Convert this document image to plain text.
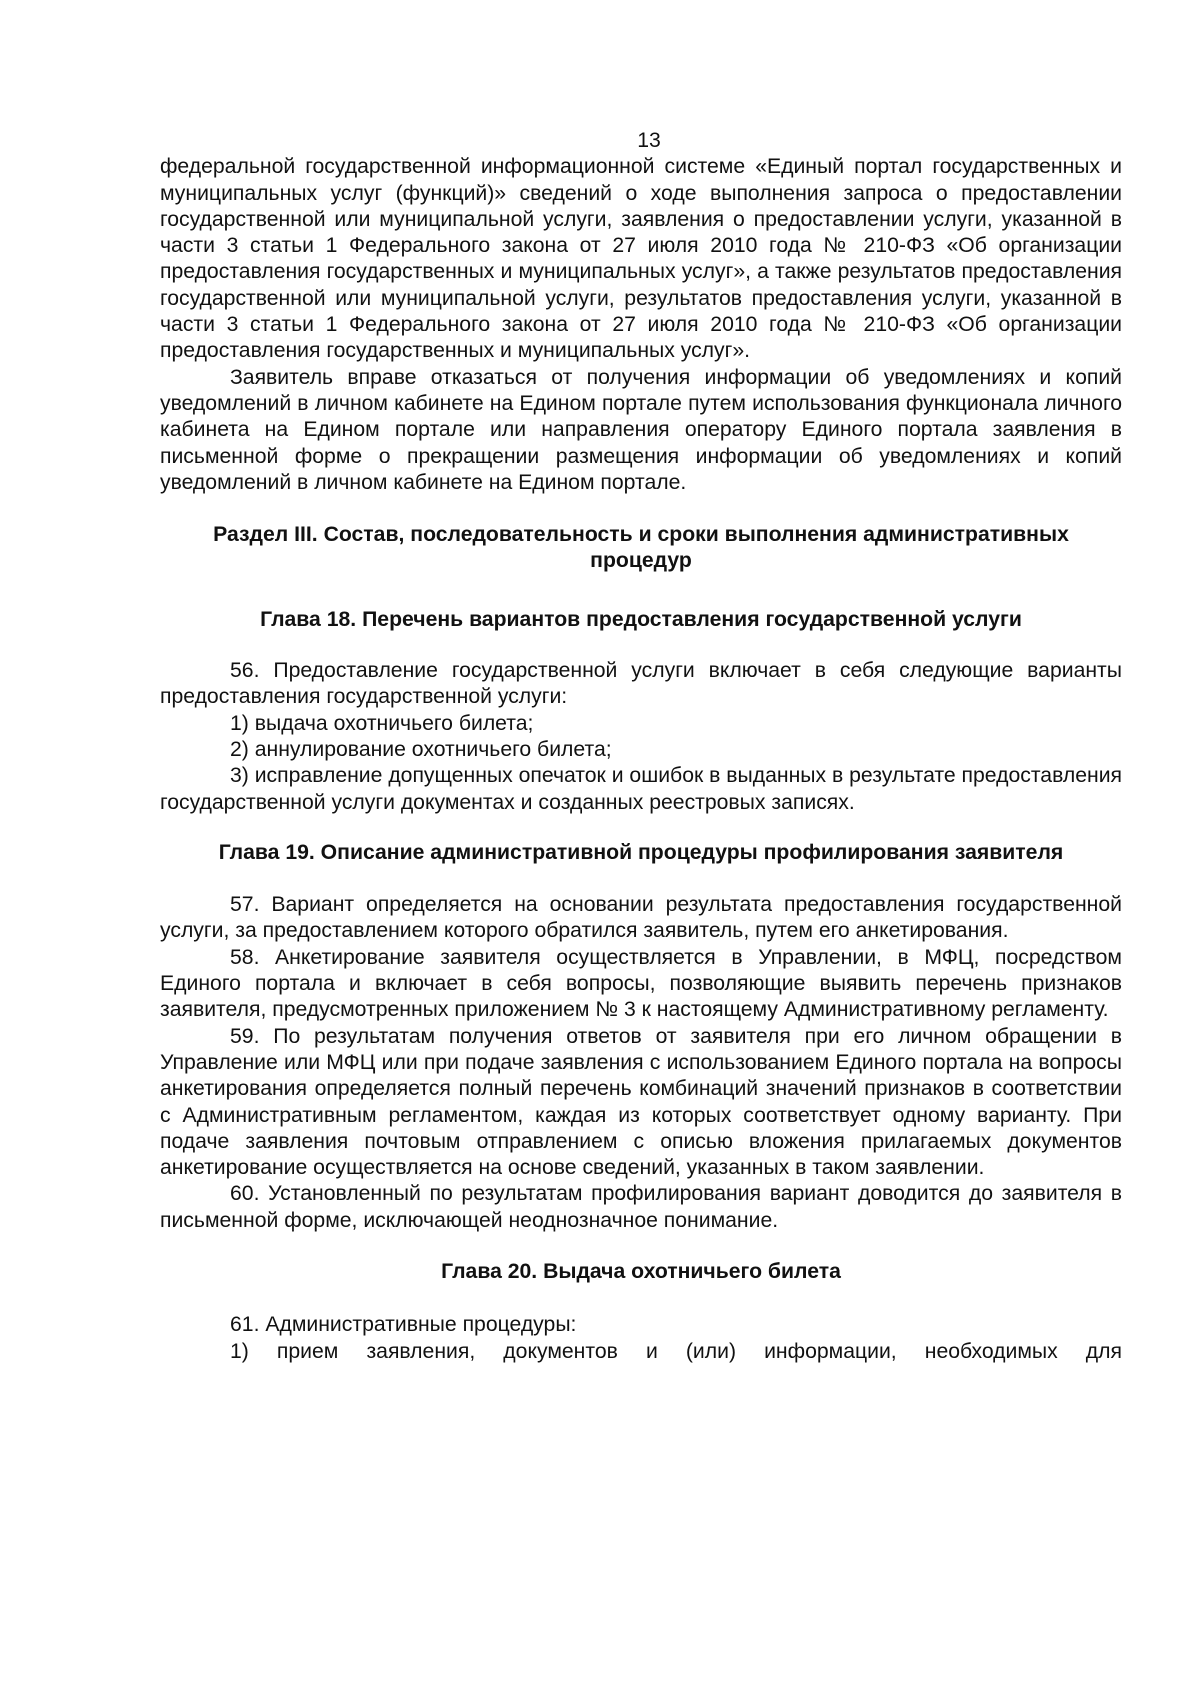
13

федеральной государственной информационной системе «Единый портал государственных и муниципальных услуг (функций)» сведений о ходе выполнения запроса о предоставлении государственной или муниципальной услуги, заявления о предоставлении услуги, указанной в части 3 статьи 1 Федерального закона от 27 июля 2010 года № 210-ФЗ «Об организации предоставления государственных и муниципальных услуг», а также результатов предоставления государственной или муниципальной услуги, результатов предоставления услуги, указанной в части 3 статьи 1 Федерального закона от 27 июля 2010 года № 210-ФЗ «Об организации предоставления государственных и муниципальных услуг».

Заявитель вправе отказаться от получения информации об уведомлениях и копий уведомлений в личном кабинете на Едином портале путем использования функционала личного кабинета на Едином портале или направления оператору Единого портала заявления в письменной форме о прекращении размещения информации об уведомлениях и копий уведомлений в личном кабинете на Едином портале.

Раздел III. Состав, последовательность и сроки выполнения административных процедур
Глава 18. Перечень вариантов предоставления государственной услуги

56. Предоставление государственной услуги включает в себя следующие варианты предоставления государственной услуги:

1) выдача охотничьего билета;

2) аннулирование охотничьего билета;

3) исправление допущенных опечаток и ошибок в выданных в результате предоставления государственной услуги документах и созданных реестровых записях.

Глава 19. Описание административной процедуры профилирования заявителя

57. Вариант определяется на основании результата предоставления государственной услуги, за предоставлением которого обратился заявитель, путем его анкетирования.

58. Анкетирование заявителя осуществляется в Управлении, в МФЦ, посредством Единого портала и включает в себя вопросы, позволяющие выявить перечень признаков заявителя, предусмотренных приложением № 3 к настоящему Административному регламенту.

59. По результатам получения ответов от заявителя при его личном обращении в Управление или МФЦ или при подаче заявления с использованием Единого портала на вопросы анкетирования определяется полный перечень комбинаций значений признаков в соответствии с Административным регламентом, каждая из которых соответствует одному варианту. При подаче заявления почтовым отправлением с описью вложения прилагаемых документов анкетирование осуществляется на основе сведений, указанных в таком заявлении.

60. Установленный по результатам профилирования вариант доводится до заявителя в письменной форме, исключающей неоднозначное понимание.

Глава 20. Выдача охотничьего билета

61. Административные процедуры:

1) прием заявления, документов и (или) информации, необходимых для
